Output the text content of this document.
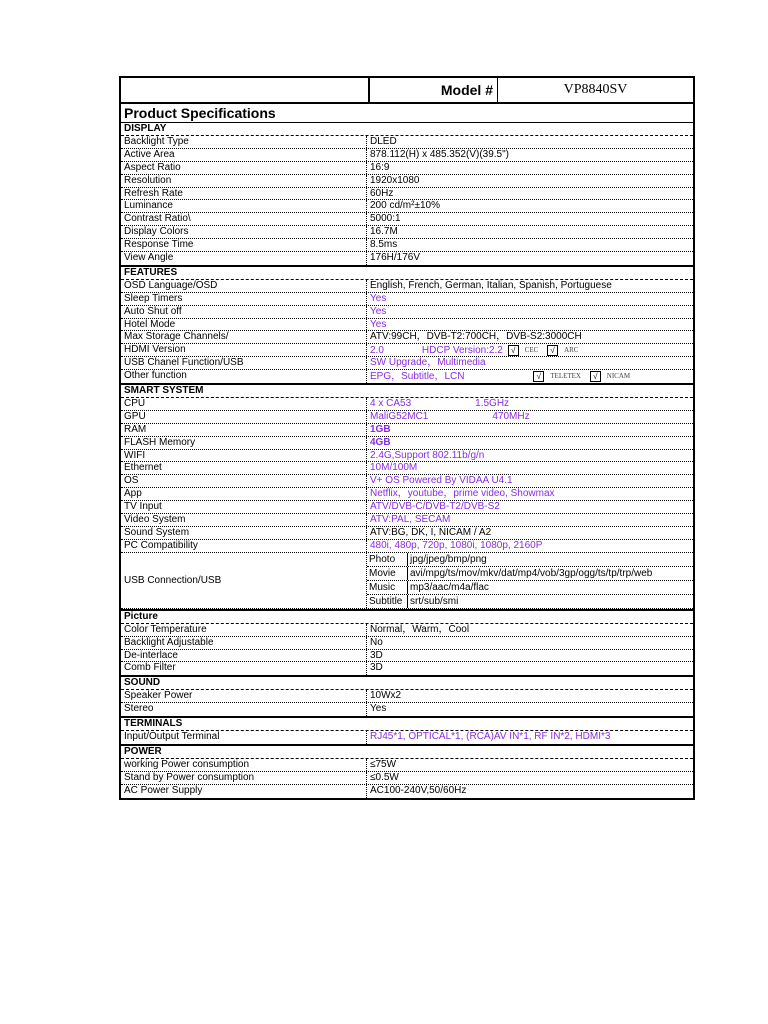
Model #	VP8840SV
Product Specifications
DISPLAY
Backlight Type	DLED
Active Area	878.112(H) x 485.352(V)(39.5")
Aspect Ratio	16:9
Resolution	1920x1080
Refresh Rate	60Hz
Luminance	200 cd/m²±10%
Contrast Ratio\	5000:1
Display Colors	16.7M
Response Time	8.5ms
View Angle	176H/176V
FEATURES
OSD Language/OSD	English, French, German, Italian, Spanish, Portuguese
Sleep Timers	Yes
Auto Shut off	Yes
Hotel Mode	Yes
Max Storage Channels/	ATV:99CH，DVB-T2:700CH，DVB-S2:3000CH
HDMI Version	2.0	HDCP Version:2.2 √ CEC √ ARC
USB Chanel Function/USB	SW Upgrade，Multimedia
Other function	EPG，Subtitle，LCN	√ TELETEX √ NICAM
SMART SYSTEM
CPU	4 x CA53	1.5GHz
GPU	MaliG52MC1	470MHz
RAM	1GB
FLASH Memory	4GB
WIFI	2.4G,Support 802.11b/g/n
Ethernet	10M/100M
OS	V+ OS Powered By VIDAA U4.1
App	Netflix，youtube，prime video, Showmax
TV Input	ATV/DVB-C/DVB-T2/DVB-S2
Video System	ATV:PAL, SECAM
Sound System	ATV:BG, DK, I, NICAM / A2
PC Compatibility	480i, 480p, 720p, 1080i, 1080p, 2160P
USB Connection/USB
Photo	jpg/jpeg/bmp/png
Movie	avi/mpg/ts/mov/mkv/dat/mp4/vob/3gp/ogg/ts/tp/trp/web
Music	mp3/aac/m4a/flac
Subtitle srt/sub/smi
Picture
Color Temperature	Normal，Warm，Cool
Backlight Adjustable	No
De-interlace	3D
Comb Filter	3D
SOUND
Speaker Power	10Wx2
Stereo	Yes
TERMINALS
Input/Output Terminal	RJ45*1, OPTICAL*1, (RCA)AV IN*1, RF IN*2, HDMI*3
POWER
working Power consumption	≤75W
Stand by Power consumption	≤0.5W
AC Power Supply	AC100-240V,50/60Hz
